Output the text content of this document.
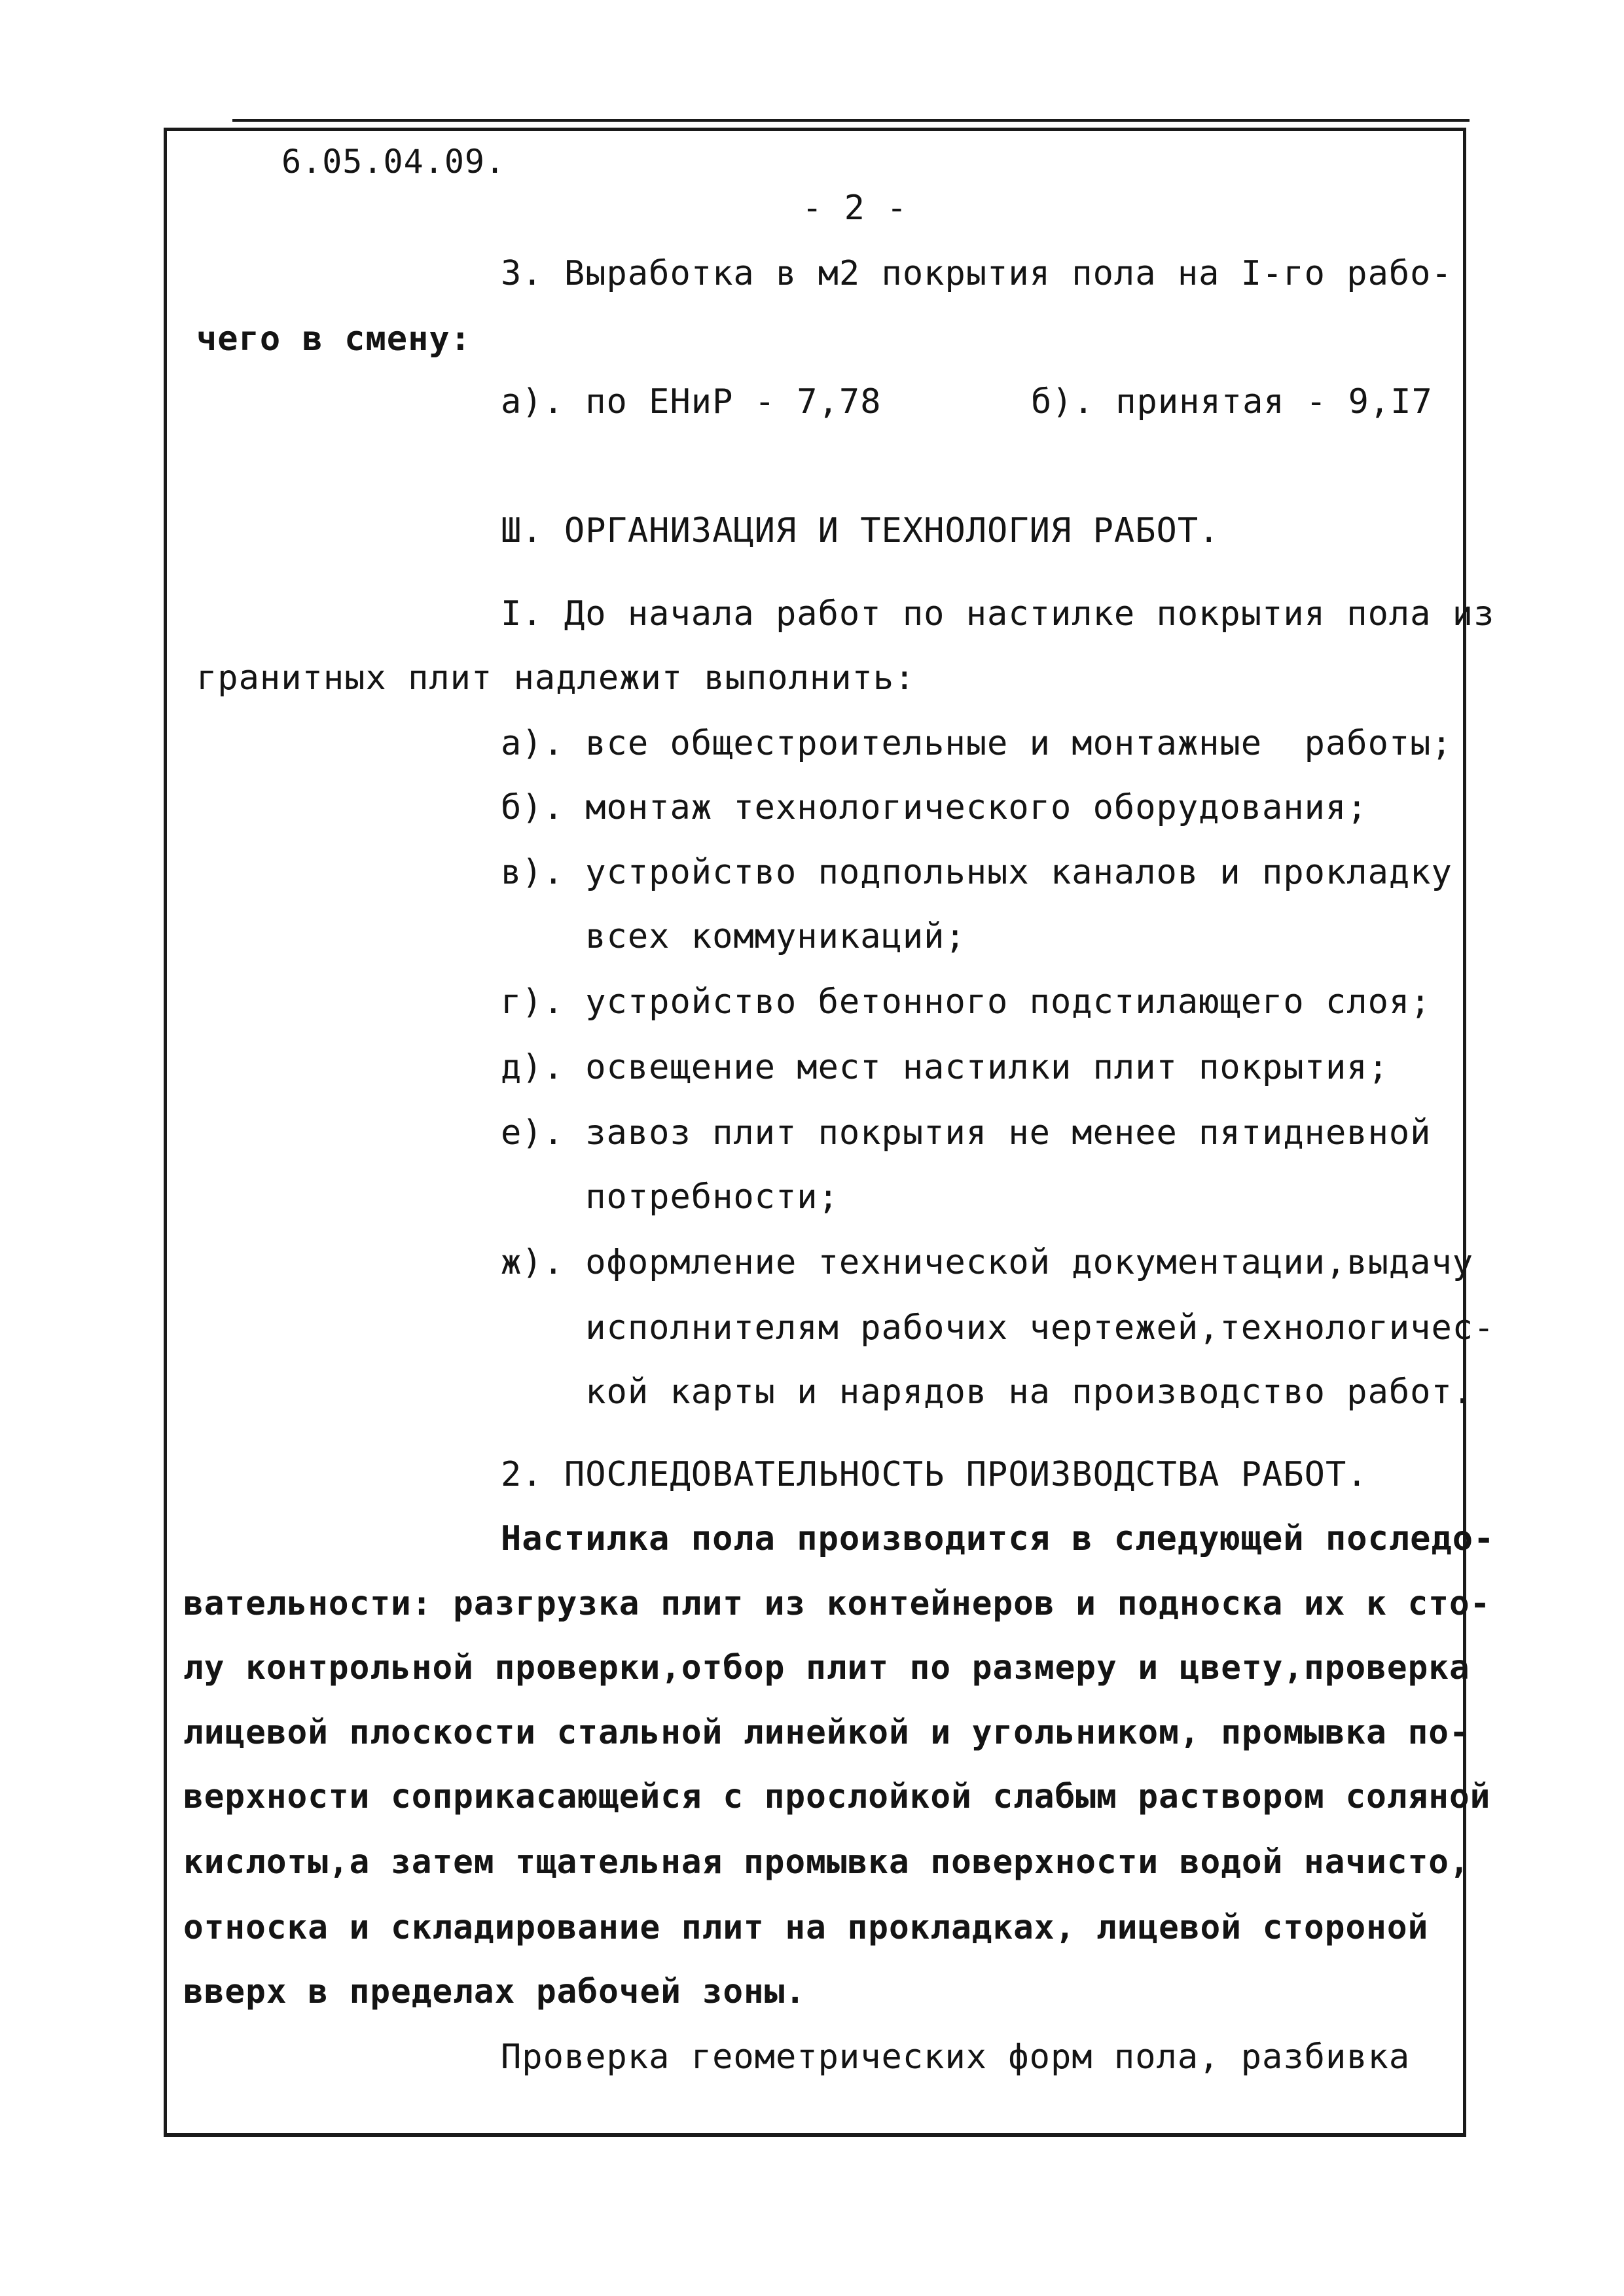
6.05.04.09.
- 2 -
3. Выработка в м2 покрытия пола на I-го рабо-
чего в смену:
а). по ЕНиР - 7,78	б). принятая - 9,I7
Ш. ОРГАНИЗАЦИЯ И ТЕХНОЛОГИЯ РАБОТ.
I. До начала работ по настилке покрытия пола из
гранитных плит надлежит выполнить:
а). все общестроительные и монтажные  работы;
б). монтаж технологического оборудования;
в). устройство подпольных каналов и прокладку
всех коммуникаций;
г). устройство бетонного подстилающего слоя;
д). освещение мест настилки плит покрытия;
е). завоз плит покрытия не менее пятидневной
потребности;
ж). оформление технической документации,выдачу
исполнителям рабочих чертежей,технологичес-
кой карты и нарядов на производство работ.
2. ПОСЛЕДОВАТЕЛЬНОСТЬ ПРОИЗВОДСТВА РАБОТ.
Настилка пола производится в следующей последо-
вательности: разгрузка плит из контейнеров и подноска их к сто-
лу контрольной проверки,отбор плит по размеру и цвету,проверка
лицевой плоскости стальной линейкой и угольником, промывка по-
верхности соприкасающейся с прослойкой слабым раствором соляной
кислоты,а затем тщательная промывка поверхности водой начисто,
относка и складирование плит на прокладках, лицевой стороной
вверх в пределах рабочей зоны.
Проверка геометрических форм пола, разбивка
